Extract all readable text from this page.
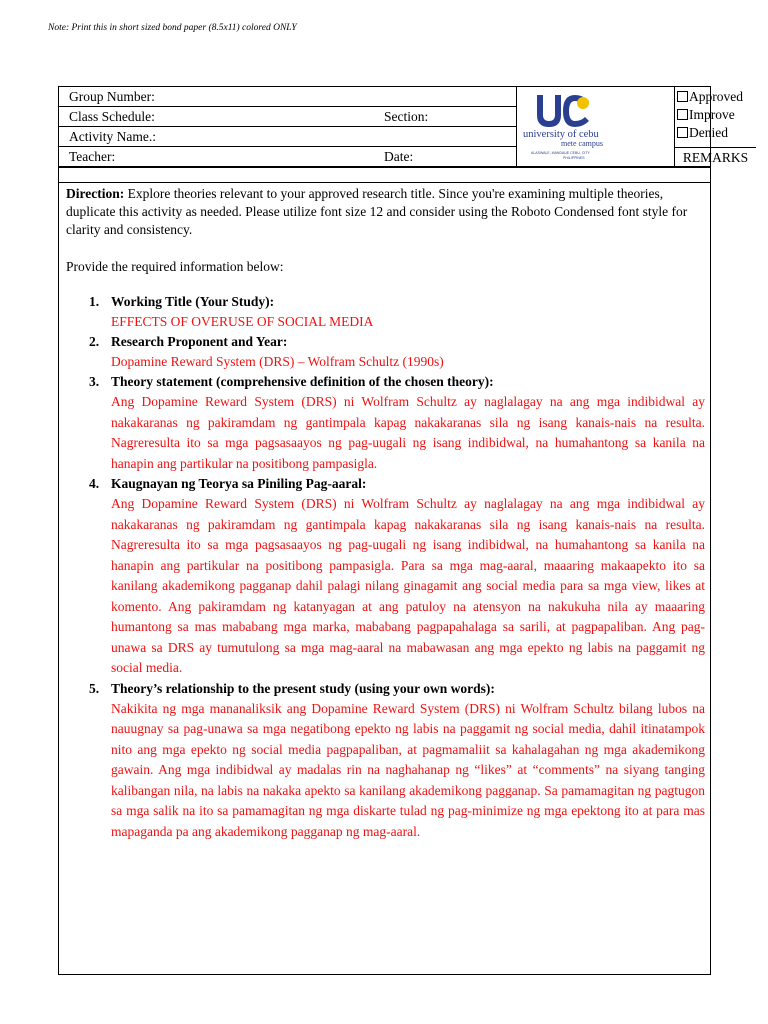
Note: Print this in short sized bond paper (8.5x11) colored ONLY
Group Number:
Class Schedule:	Section:
Activity Name.:
Teacher:	Date:
university of cebu
mete campus
ALASWALE, MANDAUE CEBU, CITY
PHILIPPINES
Approved
Improve
Denied
REMARKS
Direction: Explore theories relevant to your approved research title. Since you're examining multiple theories, duplicate this activity as needed. Please utilize font size 12 and consider using the Roboto Condensed font style for clarity and consistency.
Provide the required information below:
1. Working Title (Your Study):
EFFECTS OF OVERUSE OF SOCIAL MEDIA
2. Research Proponent and Year:
Dopamine Reward System (DRS) – Wolfram Schultz (1990s)
3. Theory statement (comprehensive definition of the chosen theory):
Ang Dopamine Reward System (DRS) ni Wolfram Schultz ay naglalagay na ang mga indibidwal ay nakakaranas ng pakiramdam ng gantimpala kapag nakakaranas sila ng isang kanais-nais na resulta. Nagreresulta ito sa mga pagsasaayos ng pag-uugali ng isang indibidwal, na humahantong sa kanila na hanapin ang partikular na positibong pampasigla.
4. Kaugnayan ng Teorya sa Piniling Pag-aaral:
Ang Dopamine Reward System (DRS) ni Wolfram Schultz ay naglalagay na ang mga indibidwal ay nakakaranas ng pakiramdam ng gantimpala kapag nakakaranas sila ng isang kanais-nais na resulta. Nagreresulta ito sa mga pagsasaayos ng pag-uugali ng isang indibidwal, na humahantong sa kanila na hanapin ang partikular na positibong pampasigla. Para sa mga mag-aaral, maaaring makaapekto ito sa kanilang akademikong pagganap dahil palagi nilang ginagamit ang social media para sa mga view, likes at komento. Ang pakiramdam ng katanyagan at ang patuloy na atensyon na nakukuha nila ay maaaring humantong sa mas mababang mga marka, mababang pagpapahalaga sa sarili, at pagpapaliban. Ang pag-unawa sa DRS ay tumutulong sa mga mag-aaral na mabawasan ang mga epekto ng labis na paggamit ng social media.
5. Theory’s relationship to the present study (using your own words):
Nakikita ng mga mananaliksik ang Dopamine Reward System (DRS) ni Wolfram Schultz bilang lubos na nauugnay sa pag-unawa sa mga negatibong epekto ng labis na paggamit ng social media, dahil itinatampok nito ang mga epekto ng social media pagpapaliban, at pagmamaliit sa kahalagahan ng mga akademikong gawain. Ang mga indibidwal ay madalas rin na naghahanap ng “likes” at “comments” na siyang tanging kalibangan nila, na labis na nakaka apekto sa kanilang akademikong pagganap. Sa pamamagitan ng pagtugon sa mga salik na ito sa pamamagitan ng mga diskarte tulad ng pag-minimize ng mga epektong ito at para mas mapaganda pa ang akademikong pagganap ng mag-aaral.
